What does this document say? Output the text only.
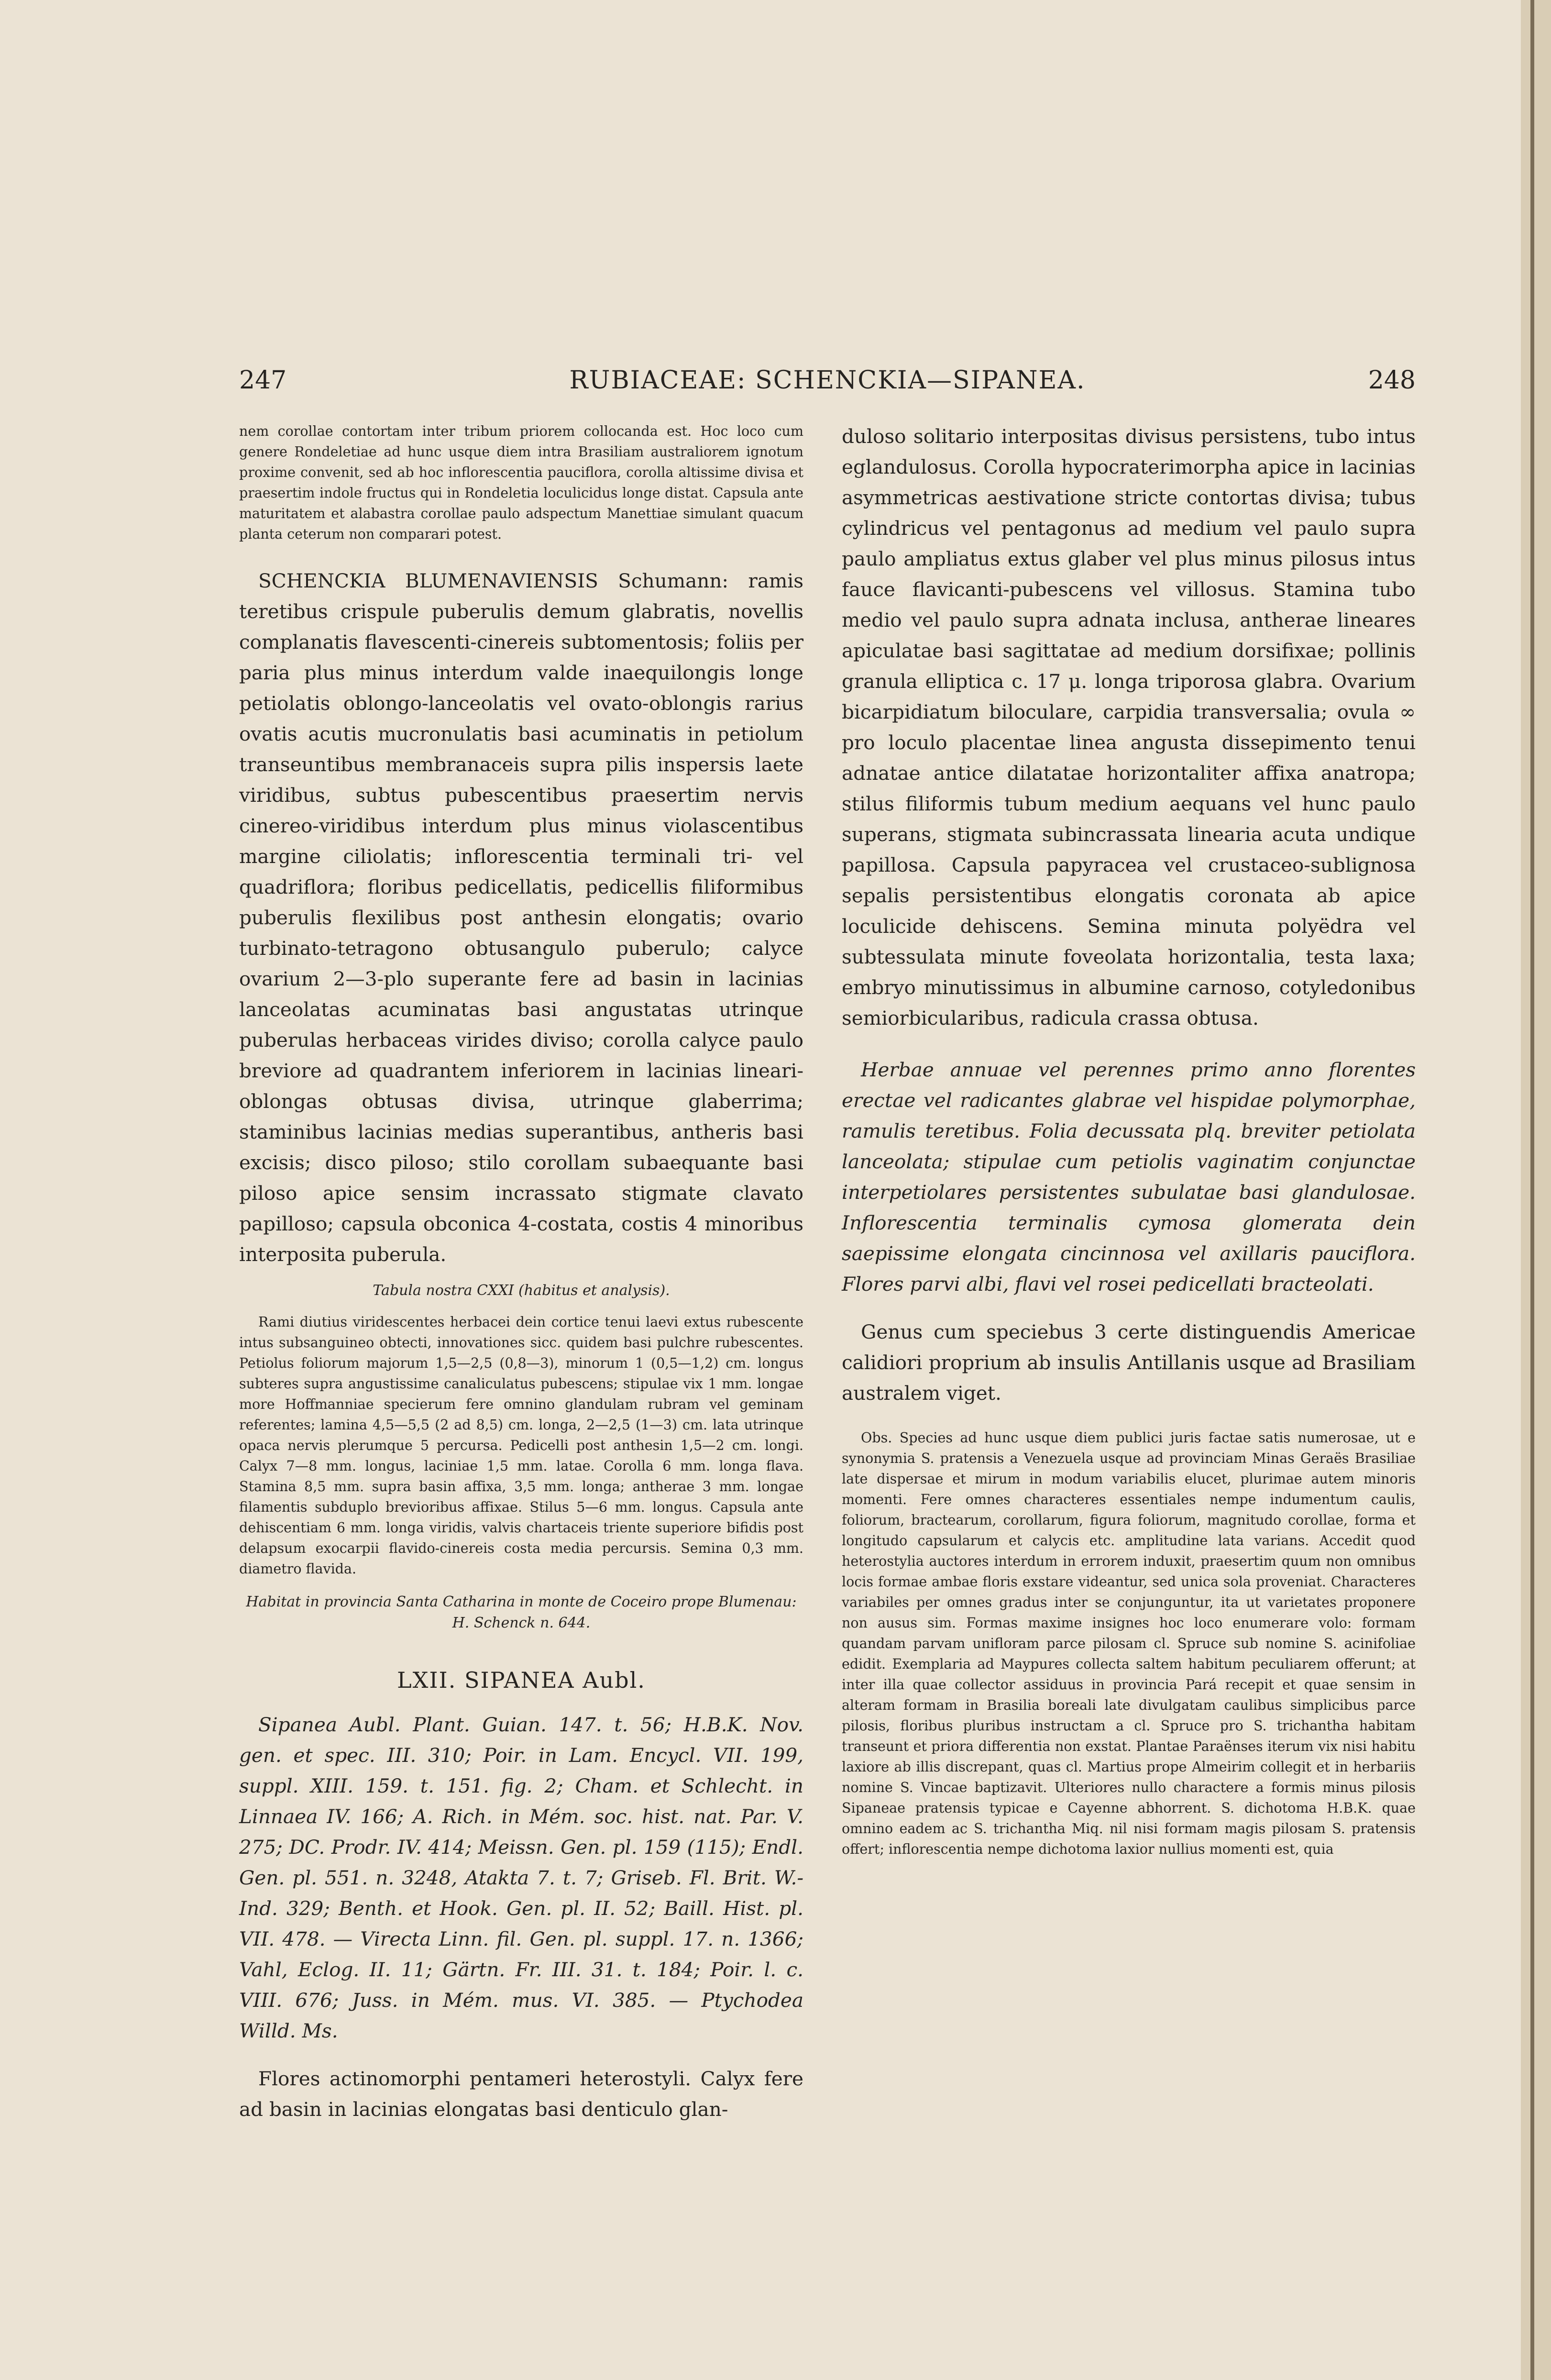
247	RUBIACEAE: SCHENCKIA—SIPANEA.	248

nem corollae contortam inter tribum priorem collocanda est. Hoc loco cum genere Rondeletiae ad hunc usque diem intra Brasiliam australiorem ignotum proxime convenit, sed ab hoc inflorescentia pauciflora, corolla altissime divisa et praesertim indole fructus qui in Rondeletia loculicidus longe distat. Capsula ante maturitatem et alabastra corollae paulo adspectum Manettiae simulant quacum planta ceterum non comparari potest.

SCHENCKIA BLUMENAVIENSIS Schumann: ramis teretibus crispule puberulis demum glabratis, novellis complanatis flavescenti-cinereis subtomentosis; foliis per paria plus minus interdum valde inaequilongis longe petiolatis oblongo-lanceolatis vel ovato-oblongis rarius ovatis acutis mucronulatis basi acuminatis in petiolum transeuntibus membranaceis supra pilis inspersis laete viridibus, subtus pubescentibus praesertim nervis cinereo-viridibus interdum plus minus violascentibus margine ciliolatis; inflorescentia terminali tri- vel quadriflora; floribus pedicellatis, pedicellis filiformibus puberulis flexilibus post anthesin elongatis; ovario turbinato-tetragono obtusangulo puberulo; calyce ovarium 2—3-plo superante fere ad basin in lacinias lanceolatas acuminatas basi angustatas utrinque puberulas herbaceas virides diviso; corolla calyce paulo breviore ad quadrantem inferiorem in lacinias lineari-oblongas obtusas divisa, utrinque glaberrima; staminibus lacinias medias superantibus, antheris basi excisis; disco piloso; stilo corollam subaequante basi piloso apice sensim incrassato stigmate clavato papilloso; capsula obconica 4-costata, costis 4 minoribus interposita puberula.

Tabula nostra CXXI (habitus et analysis).

Rami diutius viridescentes herbacei dein cortice tenui laevi extus rubescente intus subsanguineo obtecti, innovationes sicc. quidem basi pulchre rubescentes. Petiolus foliorum majorum 1,5—2,5 (0,8—3), minorum 1 (0,5—1,2) cm. longus subteres supra angustissime canaliculatus pubescens; stipulae vix 1 mm. longae more Hoffmanniae specierum fere omnino glandulam rubram vel geminam referentes; lamina 4,5—5,5 (2 ad 8,5) cm. longa, 2—2,5 (1—3) cm. lata utrinque opaca nervis plerumque 5 percursa. Pedicelli post anthesin 1,5—2 cm. longi. Calyx 7—8 mm. longus, laciniae 1,5 mm. latae. Corolla 6 mm. longa flava. Stamina 8,5 mm. supra basin affixa, 3,5 mm. longa; antherae 3 mm. longae filamentis subduplo brevioribus affixae. Stilus 5—6 mm. longus. Capsula ante dehiscentiam 6 mm. longa viridis, valvis chartaceis triente superiore bifidis post delapsum exocarpii flavido-cinereis costa media percursis. Semina 0,3 mm. diametro flavida.

Habitat in provincia Santa Catharina in monte de Coceiro prope Blumenau: H. Schenck n. 644.

LXII. SIPANEA Aubl.

Sipanea Aubl. Plant. Guian. 147. t. 56; H.B.K. Nov. gen. et spec. III. 310; Poir. in Lam. Encycl. VII. 199, suppl. XIII. 159. t. 151. fig. 2; Cham. et Schlecht. in Linnaea IV. 166; A. Rich. in Mém. soc. hist. nat. Par. V. 275; DC. Prodr. IV. 414; Meissn. Gen. pl. 159 (115); Endl. Gen. pl. 551. n. 3248, Atakta 7. t. 7; Griseb. Fl. Brit. W.-Ind. 329; Benth. et Hook. Gen. pl. II. 52; Baill. Hist. pl. VII. 478. — Virecta Linn. fil. Gen. pl. suppl. 17. n. 1366; Vahl, Eclog. II. 11; Gärtn. Fr. III. 31. t. 184; Poir. l. c. VIII. 676; Juss. in Mém. mus. VI. 385. — Ptychodea Willd. Ms.

Flores actinomorphi pentameri heterostyli. Calyx fere ad basin in lacinias elongatas basi denticulo glan-

duloso solitario interpositas divisus persistens, tubo intus eglandulosus. Corolla hypocraterimorpha apice in lacinias asymmetricas aestivatione stricte contortas divisa; tubus cylindricus vel pentagonus ad medium vel paulo supra paulo ampliatus extus glaber vel plus minus pilosus intus fauce flavicanti-pubescens vel villosus. Stamina tubo medio vel paulo supra adnata inclusa, antherae lineares apiculatae basi sagittatae ad medium dorsifixae; pollinis granula elliptica c. 17 μ. longa triporosa glabra. Ovarium bicarpidiatum biloculare, carpidia transversalia; ovula ∞ pro loculo placentae linea angusta dissepimento tenui adnatae antice dilatatae horizontaliter affixa anatropa; stilus filiformis tubum medium aequans vel hunc paulo superans, stigmata subincrassata linearia acuta undique papillosa. Capsula papyracea vel crustaceo-sublignosa sepalis persistentibus elongatis coronata ab apice loculicide dehiscens. Semina minuta polyëdra vel subtessulata minute foveolata horizontalia, testa laxa; embryo minutissimus in albumine carnoso, cotyledonibus semiorbicularibus, radicula crassa obtusa.

Herbae annuae vel perennes primo anno florentes erectae vel radicantes glabrae vel hispidae polymorphae, ramulis teretibus. Folia decussata plq. breviter petiolata lanceolata; stipulae cum petiolis vaginatim conjunctae interpetiolares persistentes subulatae basi glandulosae. Inflorescentia terminalis cymosa glomerata dein saepissime elongata cincinnosa vel axillaris pauciflora. Flores parvi albi, flavi vel rosei pedicellati bracteolati.

Genus cum speciebus 3 certe distinguendis Americae calidiori proprium ab insulis Antillanis usque ad Brasiliam australem viget.

Obs. Species ad hunc usque diem publici juris factae satis numerosae, ut e synonymia S. pratensis a Venezuela usque ad provinciam Minas Geraës Brasiliae late dispersae et mirum in modum variabilis elucet, plurimae autem minoris momenti. Fere omnes characteres essentiales nempe indumentum caulis, foliorum, bractearum, corollarum, figura foliorum, magnitudo corollae, forma et longitudo capsularum et calycis etc. amplitudine lata varians. Accedit quod heterostylia auctores interdum in errorem induxit, praesertim quum non omnibus locis formae ambae floris exstare videantur, sed unica sola proveniat. Characteres variabiles per omnes gradus inter se conjunguntur, ita ut varietates proponere non ausus sim. Formas maxime insignes hoc loco enumerare volo: formam quandam parvam unifloram parce pilosam cl. Spruce sub nomine S. acinifoliae edidit. Exemplaria ad Maypures collecta saltem habitum peculiarem offerunt; at inter illa quae collector assiduus in provincia Pará recepit et quae sensim in alteram formam in Brasilia boreali late divulgatam caulibus simplicibus parce pilosis, floribus pluribus instructam a cl. Spruce pro S. trichantha habitam transeunt et priora differentia non exstat. Plantae Paraënses iterum vix nisi habitu laxiore ab illis discrepant, quas cl. Martius prope Almeirim collegit et in herbariis nomine S. Vincae baptizavit. Ulteriores nullo charactere a formis minus pilosis Sipaneae pratensis typicae e Cayenne abhorrent. S. dichotoma H.B.K. quae omnino eadem ac S. trichantha Miq. nil nisi formam magis pilosam S. pratensis offert; inflorescentia nempe dichotoma laxior nullius momenti est, quia
